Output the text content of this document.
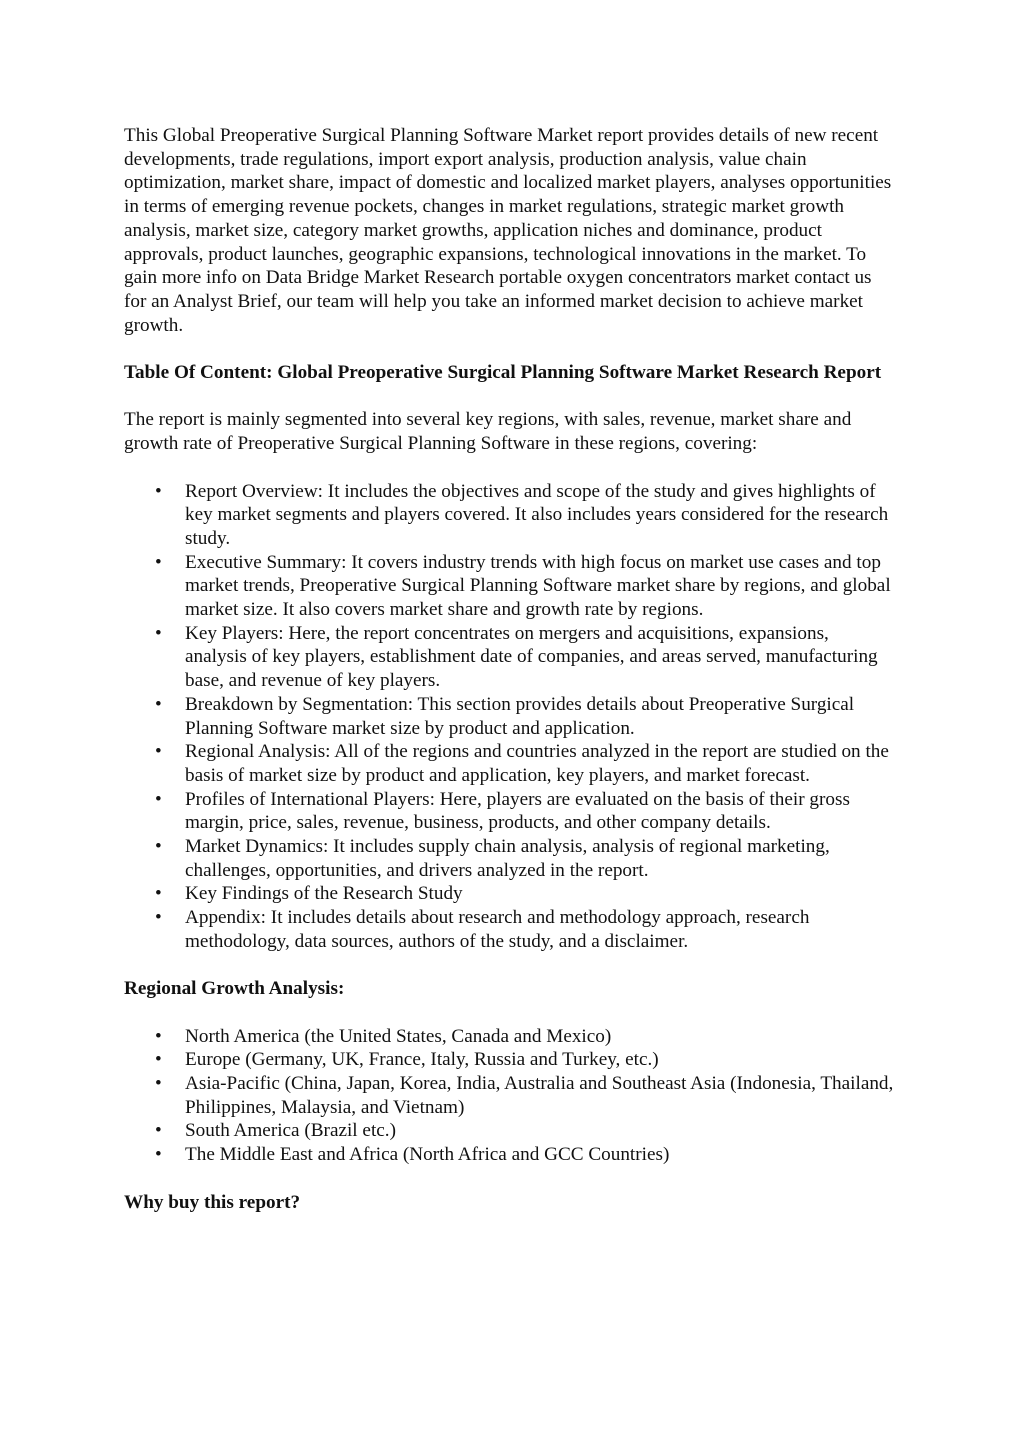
This Global Preoperative Surgical Planning Software Market report provides details of new recent developments, trade regulations, import export analysis, production analysis, value chain optimization, market share, impact of domestic and localized market players, analyses opportunities in terms of emerging revenue pockets, changes in market regulations, strategic market growth analysis, market size, category market growths, application niches and dominance, product approvals, product launches, geographic expansions, technological innovations in the market. To gain more info on Data Bridge Market Research portable oxygen concentrators market contact us for an Analyst Brief, our team will help you take an informed market decision to achieve market growth.

Table Of Content: Global Preoperative Surgical Planning Software Market Research Report

The report is mainly segmented into several key regions, with sales, revenue, market share and growth rate of Preoperative Surgical Planning Software in these regions, covering:

• Report Overview: It includes the objectives and scope of the study and gives highlights of key market segments and players covered. It also includes years considered for the research study.
• Executive Summary: It covers industry trends with high focus on market use cases and top market trends, Preoperative Surgical Planning Software market share by regions, and global market size. It also covers market share and growth rate by regions.
• Key Players: Here, the report concentrates on mergers and acquisitions, expansions, analysis of key players, establishment date of companies, and areas served, manufacturing base, and revenue of key players.
• Breakdown by Segmentation: This section provides details about Preoperative Surgical Planning Software market size by product and application.
• Regional Analysis: All of the regions and countries analyzed in the report are studied on the basis of market size by product and application, key players, and market forecast.
• Profiles of International Players: Here, players are evaluated on the basis of their gross margin, price, sales, revenue, business, products, and other company details.
• Market Dynamics: It includes supply chain analysis, analysis of regional marketing, challenges, opportunities, and drivers analyzed in the report.
• Key Findings of the Research Study
• Appendix: It includes details about research and methodology approach, research methodology, data sources, authors of the study, and a disclaimer.
Regional Growth Analysis:
• North America (the United States, Canada and Mexico)
• Europe (Germany, UK, France, Italy, Russia and Turkey, etc.)
• Asia-Pacific (China, Japan, Korea, India, Australia and Southeast Asia (Indonesia, Thailand, Philippines, Malaysia, and Vietnam)
• South America (Brazil etc.)
• The Middle East and Africa (North Africa and GCC Countries)
Why buy this report?
